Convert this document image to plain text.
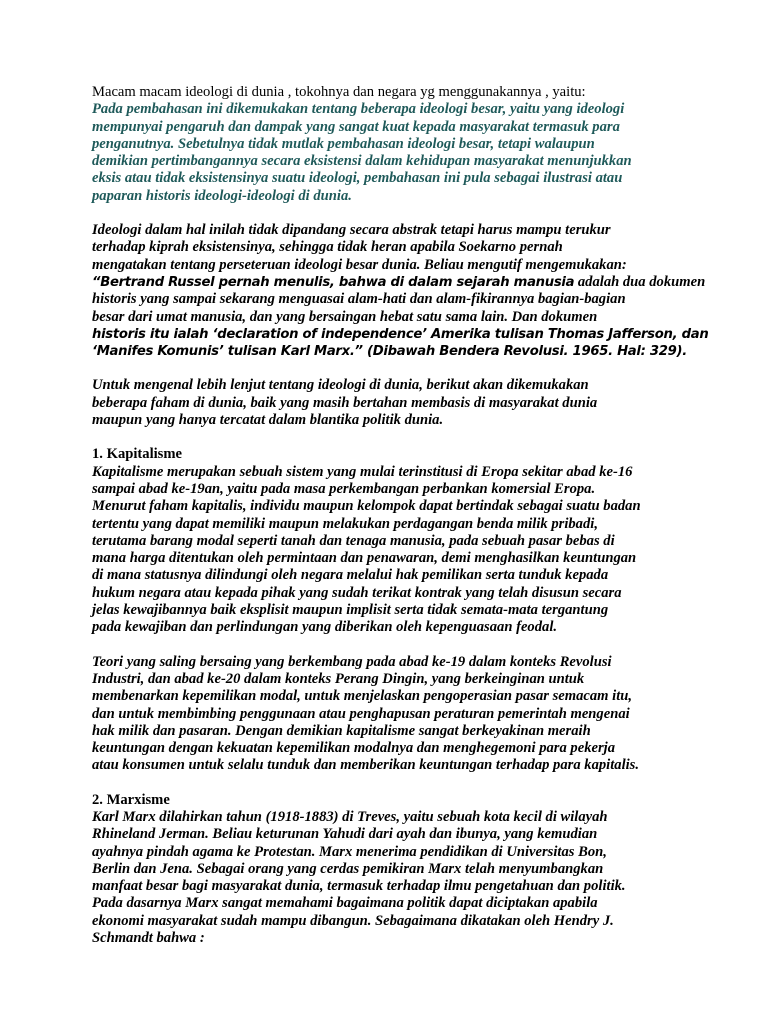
Macam macam ideologi di dunia , tokohnya dan negara yg menggunakannya , yaitu:

Pada pembahasan ini dikemukakan tentang beberapa ideologi besar, yaitu yang ideologi
mempunyai pengaruh dan dampak yang sangat kuat kepada masyarakat termasuk para
penganutnya. Sebetulnya tidak mutlak pembahasan ideologi besar, tetapi walaupun
demikian pertimbangannya secara eksistensi dalam kehidupan masyarakat menunjukkan
eksis atau tidak eksistensinya suatu ideologi, pembahasan ini pula sebagai ilustrasi atau
paparan historis ideologi-ideologi di dunia.

Ideologi dalam hal inilah tidak dipandang secara abstrak tetapi harus mampu terukur
terhadap kiprah eksistensinya, sehingga tidak heran apabila Soekarno pernah
mengatakan tentang perseteruan ideologi besar dunia. Beliau mengutif mengemukakan:
“Bertrand Russel pernah menulis, bahwa di dalam sejarah manusia adalah dua dokumen
historis yang sampai sekarang menguasai alam-hati dan alam-fikirannya bagian-bagian
besar dari umat manusia, dan yang bersaingan hebat satu sama lain. Dan dokumen
historis itu ialah ‘declaration of independence’ Amerika tulisan Thomas Jafferson, dan
‘Manifes Komunis’ tulisan Karl Marx.” (Dibawah Bendera Revolusi. 1965. Hal: 329).

Untuk mengenal lebih lenjut tentang ideologi di dunia, berikut akan dikemukakan
beberapa faham di dunia, baik yang masih bertahan membasis di masyarakat dunia
maupun yang hanya tercatat dalam blantika politik dunia.

1. Kapitalisme

Kapitalisme merupakan sebuah sistem yang mulai terinstitusi di Eropa sekitar abad ke-16
sampai abad ke-19an, yaitu pada masa perkembangan perbankan komersial Eropa.
Menurut faham kapitalis, individu maupun kelompok dapat bertindak sebagai suatu badan
tertentu yang dapat memiliki maupun melakukan perdagangan benda milik pribadi,
terutama barang modal seperti tanah dan tenaga manusia, pada sebuah pasar bebas di
mana harga ditentukan oleh permintaan dan penawaran, demi menghasilkan keuntungan
di mana statusnya dilindungi oleh negara melalui hak pemilikan serta tunduk kepada
hukum negara atau kepada pihak yang sudah terikat kontrak yang telah disusun secara
jelas kewajibannya baik eksplisit maupun implisit serta tidak semata-mata tergantung
pada kewajiban dan perlindungan yang diberikan oleh kepenguasaan feodal.

Teori yang saling bersaing yang berkembang pada abad ke-19 dalam konteks Revolusi
Industri, dan abad ke-20 dalam konteks Perang Dingin, yang berkeinginan untuk
membenarkan kepemilikan modal, untuk menjelaskan pengoperasian pasar semacam itu,
dan untuk membimbing penggunaan atau penghapusan peraturan pemerintah mengenai
hak milik dan pasaran. Dengan demikian kapitalisme sangat berkeyakinan meraih
keuntungan dengan kekuatan kepemilikan modalnya dan menghegemoni para pekerja
atau konsumen untuk selalu tunduk dan memberikan keuntungan terhadap para kapitalis.

2. Marxisme

Karl Marx dilahirkan tahun (1918-1883) di Treves, yaitu sebuah kota kecil di wilayah
Rhineland Jerman. Beliau keturunan Yahudi dari ayah dan ibunya, yang kemudian
ayahnya pindah agama ke Protestan. Marx menerima pendidikan di Universitas Bon,
Berlin dan Jena. Sebagai orang yang cerdas pemikiran Marx telah menyumbangkan
manfaat besar bagi masyarakat dunia, termasuk terhadap ilmu pengetahuan dan politik.
Pada dasarnya Marx sangat memahami bagaimana politik dapat diciptakan apabila
ekonomi masyarakat sudah mampu dibangun. Sebagaimana dikatakan oleh Hendry J.
Schmandt bahwa :
